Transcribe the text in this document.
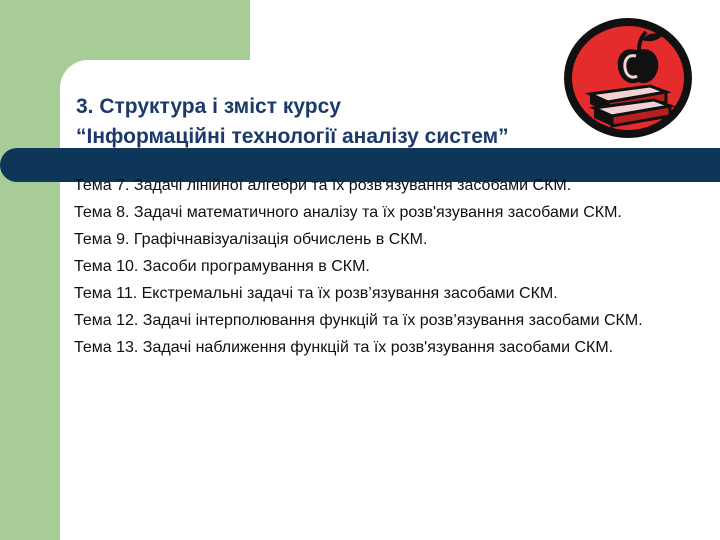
3. Структура і зміст курсу
“Інформаційні технології аналізу систем”
Тема 7. Задачі лінійної алгебри та їх розв'язування засобами СКМ.
Тема 8. Задачі математичного аналізу та їх розв'язування засобами СКМ.
Тема 9. Графічнавізуалізація обчислень в СКМ.
Тема 10. Засоби програмування в СКМ.
Тема 11. Екстремальні задачі та їх розв’язування засобами СКМ.
Тема 12. Задачі інтерполювання функцій та їх розв’язування засобами СКМ.
Тема 13. Задачі наближення функцій та їх розв'язування засобами СКМ.
